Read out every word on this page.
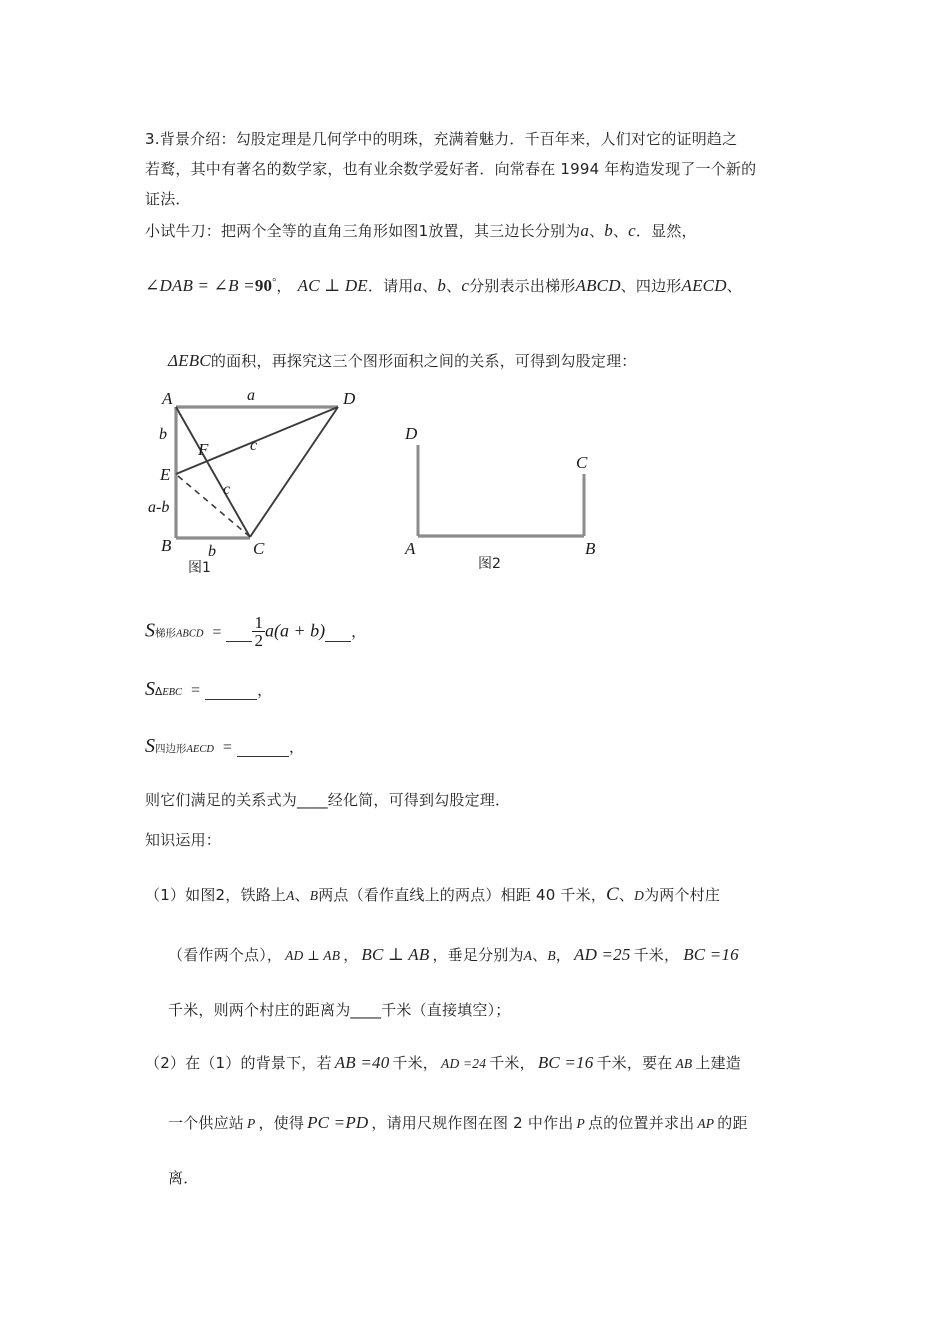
3.背景介绍：勾股定理是几何学中的明珠，充满着魅力．千百年来，人们对它的证明趋之
若鹜，其中有著名的数学家，也有业余数学爱好者．向常春在 1994 年构造发现了一个新的
证法．
小试牛刀：把两个全等的直角三角形如图1放置，其三边长分别为a、b、c．显然，
∠DAB = ∠B =90°， AC ⊥ DE．请用a、b、c分别表示出梯形ABCD、四边形AECD、
ΔEBC的面积，再探究这三个图形面积之间的关系，可得到勾股定理：
A	D
E
B	C
F
a
b
a-b
b
c
c
图1
A	B
D
C
图2
S梯形ABCD = $\frac{1}{2} a(a + b)$ ，
SΔEBC =	，
S四边形AECD =	，
则它们满足的关系式为____经化简，可得到勾股定理．
知识运用：
（1）如图2，铁路上A、B两点（看作直线上的两点）相距 40 千米，C、D为两个村庄
（看作两个点）， AD ⊥ AB ， BC ⊥ AB ，垂足分别为A、B， AD =25 千米， BC =16
千米，则两个村庄的距离为____千米（直接填空）；
（2）在（1）的背景下，若 AB =40 千米， AD =24 千米， BC =16 千米，要在 AB 上建造
一个供应站 P ，使得 PC =PD ，请用尺规作图在图 2 中作出 P 点的位置并求出 AP 的距
离．
